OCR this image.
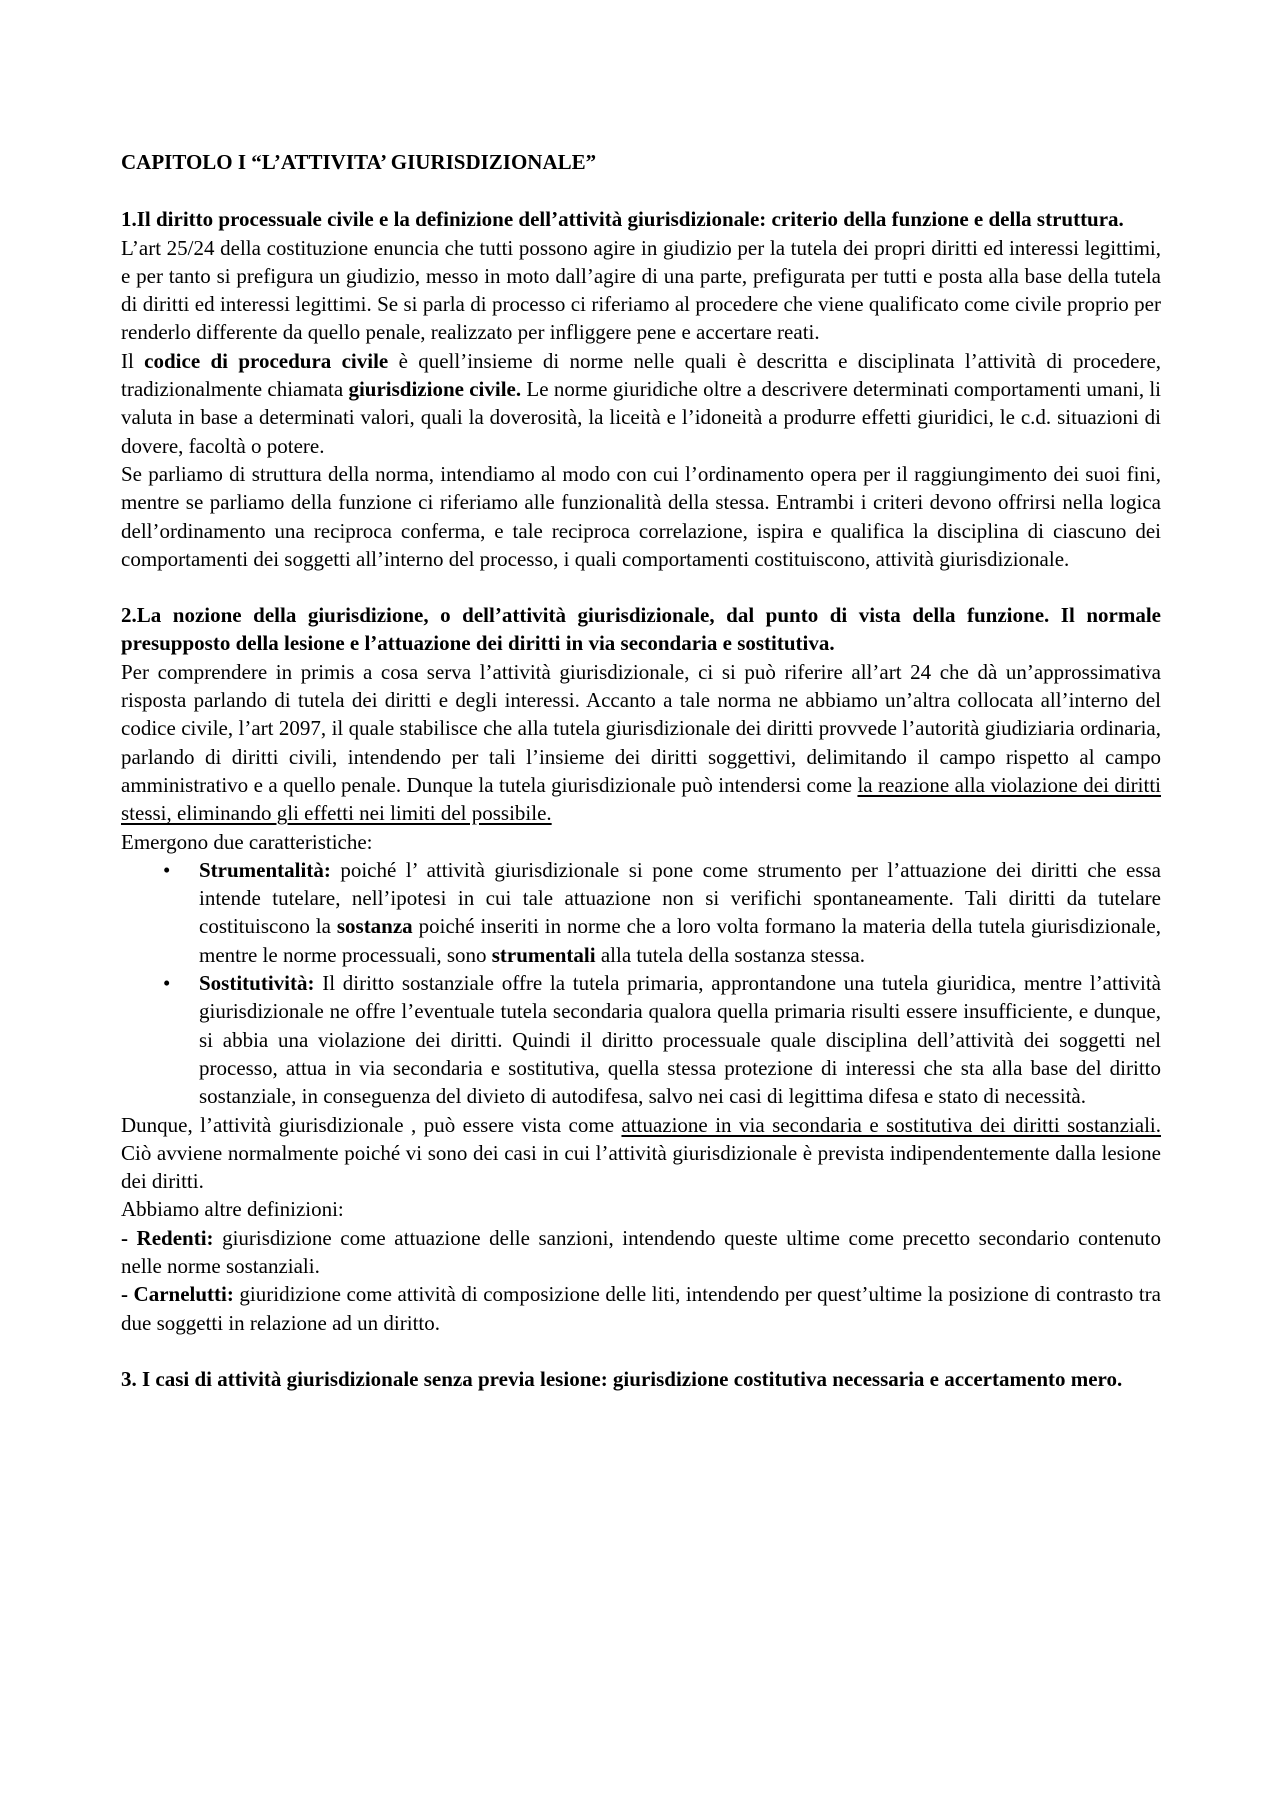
CAPITOLO I “L’ATTIVITA’ GIURISDIZIONALE”

1.Il diritto processuale civile e la definizione dell’attività giurisdizionale: criterio della funzione e della struttura.

L’art 25/24 della costituzione enuncia che tutti possono agire in giudizio per la tutela dei propri diritti ed interessi legittimi, e per tanto si prefigura un giudizio, messo in moto dall’agire di una parte, prefigurata per tutti e posta alla base della tutela di diritti ed interessi legittimi. Se si parla di processo ci riferiamo al procedere che viene qualificato come civile proprio per renderlo differente da quello penale, realizzato per infliggere pene e accertare reati.

Il codice di procedura civile è quell’insieme di norme nelle quali è descritta e disciplinata l’attività di procedere, tradizionalmente chiamata giurisdizione civile. Le norme giuridiche oltre a descrivere determinati comportamenti umani, li valuta in base a determinati valori, quali la doverosità, la liceità e l’idoneità a produrre effetti giuridici, le c.d. situazioni di dovere, facoltà o potere.

Se parliamo di struttura della norma, intendiamo al modo con cui l’ordinamento opera per il raggiungimento dei suoi fini, mentre se parliamo della funzione ci riferiamo alle funzionalità della stessa. Entrambi i criteri devono offrirsi nella logica dell’ordinamento una reciproca conferma, e tale reciproca correlazione, ispira e qualifica la disciplina di ciascuno dei comportamenti dei soggetti all’interno del processo, i quali comportamenti costituiscono, attività giurisdizionale.

2.La nozione della giurisdizione, o dell’attività giurisdizionale, dal punto di vista della funzione. Il normale presupposto della lesione e l’attuazione dei diritti in via secondaria e sostitutiva.

Per comprendere in primis a cosa serva l’attività giurisdizionale, ci si può riferire all’art 24 che dà un’approssimativa risposta parlando di tutela dei diritti e degli interessi. Accanto a tale norma ne abbiamo un’altra collocata all’interno del codice civile, l’art 2097, il quale stabilisce che alla tutela giurisdizionale dei diritti provvede l’autorità giudiziaria ordinaria, parlando di diritti civili, intendendo per tali l’insieme dei diritti soggettivi, delimitando il campo rispetto al campo amministrativo e a quello penale. Dunque la tutela giurisdizionale può intendersi come la reazione alla violazione dei diritti stessi, eliminando gli effetti nei limiti del possibile.

Emergono due caratteristiche:

• Strumentalità: poiché l’ attività giurisdizionale si pone come strumento per l’attuazione dei diritti che essa intende tutelare, nell’ipotesi in cui tale attuazione non si verifichi spontaneamente. Tali diritti da tutelare costituiscono la sostanza poiché inseriti in norme che a loro volta formano la materia della tutela giurisdizionale, mentre le norme processuali, sono strumentali alla tutela della sostanza stessa.
• Sostitutività: Il diritto sostanziale offre la tutela primaria, approntandone una tutela giuridica, mentre l’attività giurisdizionale ne offre l’eventuale tutela secondaria qualora quella primaria risulti essere insufficiente, e dunque, si abbia una violazione dei diritti. Quindi il diritto processuale quale disciplina dell’attività dei soggetti nel processo, attua in via secondaria e sostitutiva, quella stessa protezione di interessi che sta alla base del diritto sostanziale, in conseguenza del divieto di autodifesa, salvo nei casi di legittima difesa e stato di necessità.

Dunque, l’attività giurisdizionale , può essere vista come attuazione in via secondaria e sostitutiva dei diritti sostanziali. Ciò avviene normalmente poiché vi sono dei casi in cui l’attività giurisdizionale è prevista indipendentemente dalla lesione dei diritti.

Abbiamo altre definizioni:

- Redenti: giurisdizione come attuazione delle sanzioni, intendendo queste ultime come precetto secondario contenuto nelle norme sostanziali.

- Carnelutti: giuridizione come attività di composizione delle liti, intendendo per quest’ultime la posizione di contrasto tra due soggetti in relazione ad un diritto.

3. I casi di attività giurisdizionale senza previa lesione: giurisdizione costitutiva necessaria e accertamento mero.
